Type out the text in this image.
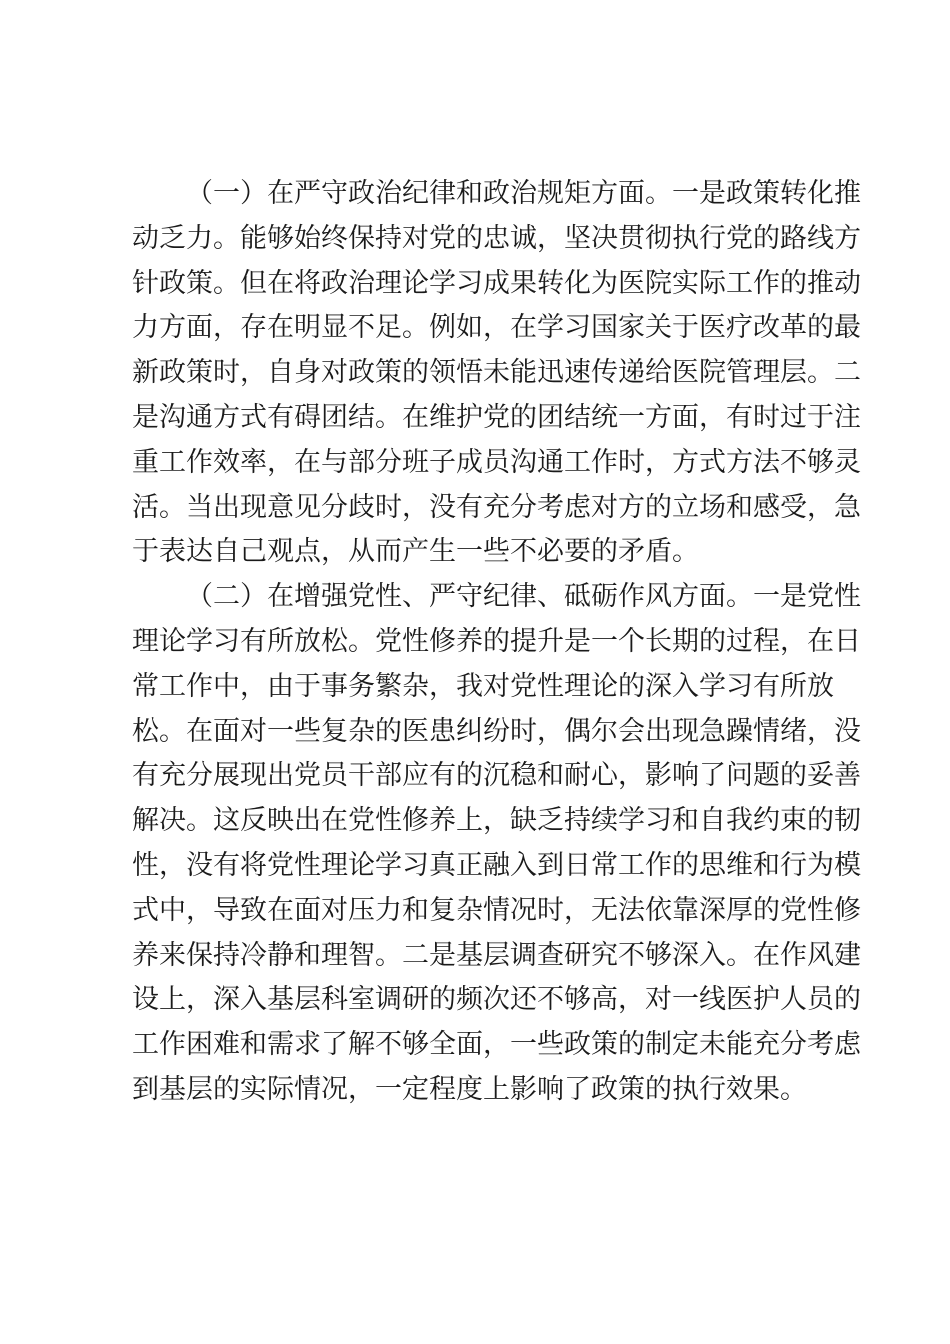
（一）在严守政治纪律和政治规矩方面。一是政策转化推
动乏力。能够始终保持对党的忠诚，坚决贯彻执行党的路线方
针政策。但在将政治理论学习成果转化为医院实际工作的推动
力方面，存在明显不足。例如，在学习国家关于医疗改革的最
新政策时，自身对政策的领悟未能迅速传递给医院管理层。二
是沟通方式有碍团结。在维护党的团结统一方面，有时过于注
重工作效率，在与部分班子成员沟通工作时，方式方法不够灵
活。当出现意见分歧时，没有充分考虑对方的立场和感受，急
于表达自己观点，从而产生一些不必要的矛盾。
（二）在增强党性、严守纪律、砥砺作风方面。一是党性
理论学习有所放松。党性修养的提升是一个长期的过程，在日
常工作中，由于事务繁杂，我对党性理论的深入学习有所放
松。在面对一些复杂的医患纠纷时，偶尔会出现急躁情绪，没
有充分展现出党员干部应有的沉稳和耐心，影响了问题的妥善
解决。这反映出在党性修养上，缺乏持续学习和自我约束的韧
性，没有将党性理论学习真正融入到日常工作的思维和行为模
式中，导致在面对压力和复杂情况时，无法依靠深厚的党性修
养来保持冷静和理智。二是基层调查研究不够深入。在作风建
设上，深入基层科室调研的频次还不够高，对一线医护人员的
工作困难和需求了解不够全面，一些政策的制定未能充分考虑
到基层的实际情况，一定程度上影响了政策的执行效果。
